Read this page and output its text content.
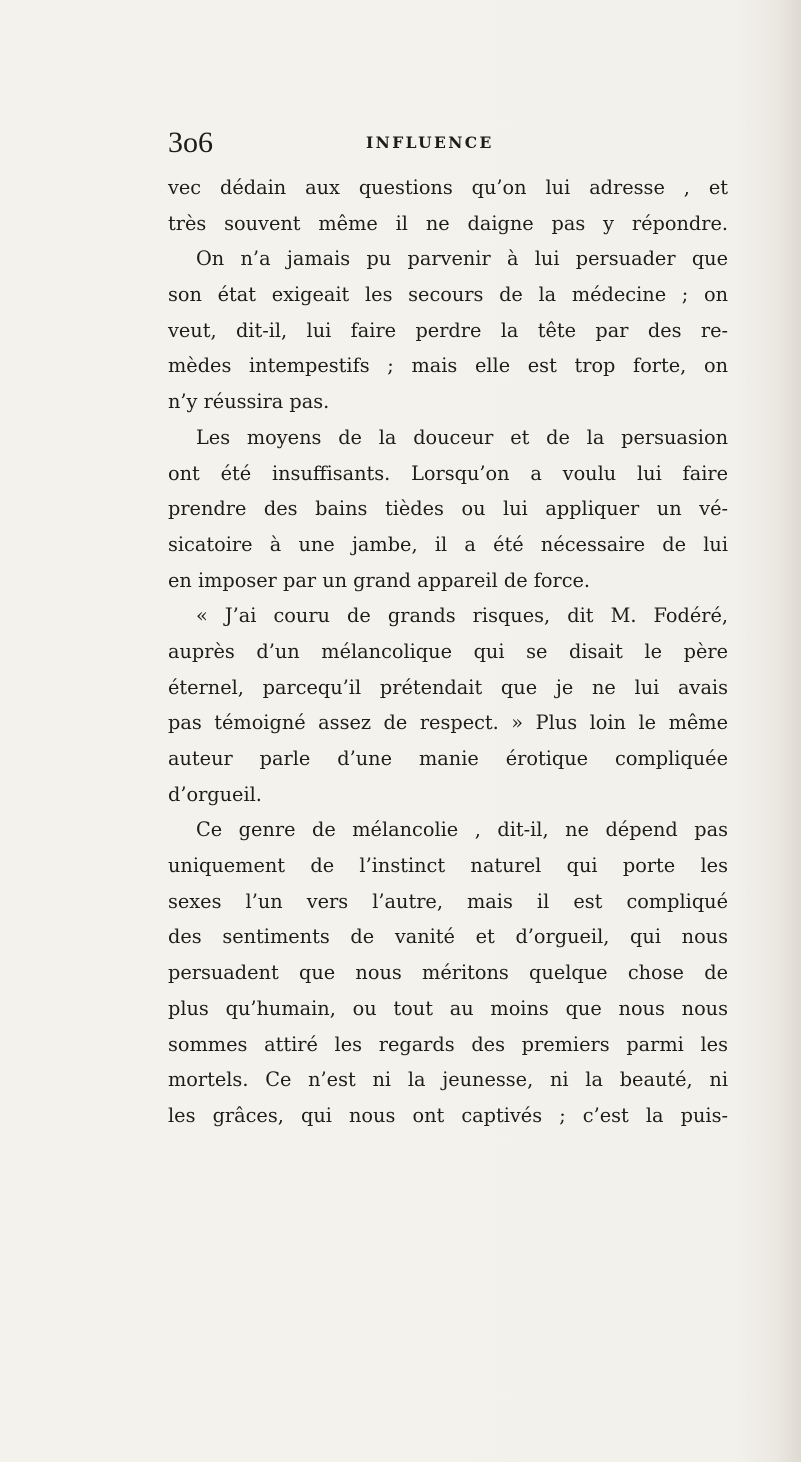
3o6	INFLUENCE
vec dédain aux questions qu’on lui adresse , et
très souvent même il ne daigne pas y répondre.
On n’a jamais pu parvenir à lui persuader que
son état exigeait les secours de la médecine ; on
veut, dit-il, lui faire perdre la tête par des re-
mèdes intempestifs ; mais elle est trop forte, on
n’y réussira pas.
Les moyens de la douceur et de la persuasion
ont été insuffisants. Lorsqu’on a voulu lui faire
prendre des bains tièdes ou lui appliquer un vé-
sicatoire à une jambe, il a été nécessaire de lui
en imposer par un grand appareil de force.
« J’ai couru de grands risques, dit M. Fodéré,
auprès d’un mélancolique qui se disait le père
éternel, parcequ’il prétendait que je ne lui avais
pas témoigné assez de respect. » Plus loin le même
auteur parle d’une manie érotique compliquée
d’orgueil.
Ce genre de mélancolie , dit-il, ne dépend pas
uniquement de l’instinct naturel qui porte les
sexes l’un vers l’autre, mais il est compliqué
des sentiments de vanité et d’orgueil, qui nous
persuadent que nous méritons quelque chose de
plus qu’humain, ou tout au moins que nous nous
sommes attiré les regards des premiers parmi les
mortels. Ce n’est ni la jeunesse, ni la beauté, ni
les grâces, qui nous ont captivés ; c’est la puis-
